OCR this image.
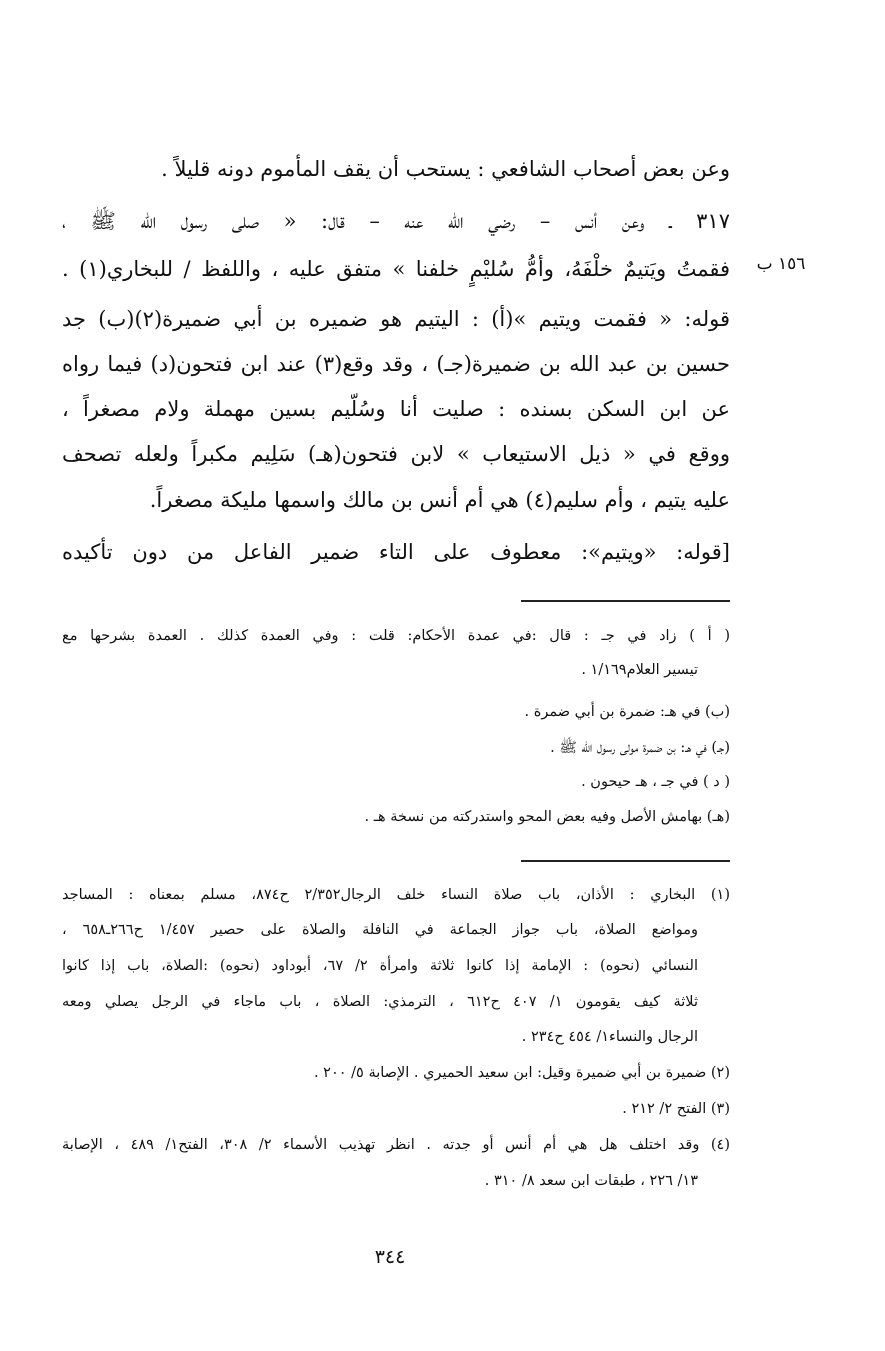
وعن بعض أصحاب الشافعي : يستحب أن يقف المأموم دونه قليلاً .
٣١٧ ـ وعن أنس – رضي الله عنه – قال: « صلى رسول الله ﷺ ،
فقمتُ ويَتيمٌ خلْفَهُ، وأمُّ سُليْمٍ خلفنا » متفق عليه ، واللفظ / للبخاري(١) .	١٥٦ ب
قوله: « فقمت ويتيم »(أ) : اليتيم هو ضميره بن أبي ضميرة(٢)(ب) جد
حسين بن عبد الله بن ضميرة(جـ) ، وقد وقع(٣) عند ابن فتحون(د) فيما رواه
عن ابن السكن بسنده : صليت أنا وسُلّيم بسين مهملة ولام مصغراً ،
ووقع في « ذيل الاستيعاب » لابن فتحون(هـ) سَلِيم مكبراً ولعله تصحف
عليه يتيم ، وأم سليم(٤) هي أم أنس بن مالك واسمها مليكة مصغراً.
[قوله: «ويتيم»: معطوف على التاء ضمير الفاعل من دون تأكيده
( أ ) زاد في جـ : قال :في عمدة الأحكام: قلت : وفي العمدة كذلك . العمدة بشرحها مع
تيسير العلام١/١٦٩ .
(ب) في هـ: ضمرة بن أبي ضمرة .
(جـ) في هـ: بن ضمرة مولى رسول الله ﷺ .
( د ) في جـ ، هـ حيحون .
(هـ) بهامش الأصل وفيه بعض المحو واستدركته من نسخة هـ .
(١) البخاري : الأذان، باب صلاة النساء خلف الرجال٢/٣٥٢ ح٨٧٤، مسلم بمعناه : المساجد
ومواضع الصلاة، باب جواز الجماعة في النافلة والصلاة على حصير ١/٤٥٧ ح٢٦٦ـ٦٥٨ ،
النسائي (نحوه) : الإمامة إذا كانوا ثلاثة وامرأة ٢/ ٦٧، أبوداود (نحوه) :الصلاة، باب إذا كانوا
ثلاثة كيف يقومون ١/ ٤٠٧ ح٦١٢ ، الترمذي: الصلاة ، باب ماجاء في الرجل يصلي ومعه
الرجال والنساء١/ ٤٥٤ ح٢٣٤ .
(٢) ضميرة بن أبي ضميرة وقيل: ابن سعيد الحميري . الإصابة ٥/ ٢٠٠ .
(٣) الفتح ٢/ ٢١٢ .
(٤) وقد اختلف هل هي أم أنس أو جدته . انظر تهذيب الأسماء ٢/ ٣٠٨، الفتح١/ ٤٨٩ ، الإصابة
١٣/ ٢٢٦ ، طبقات ابن سعد ٨/ ٣١٠ .
٣٤٤
